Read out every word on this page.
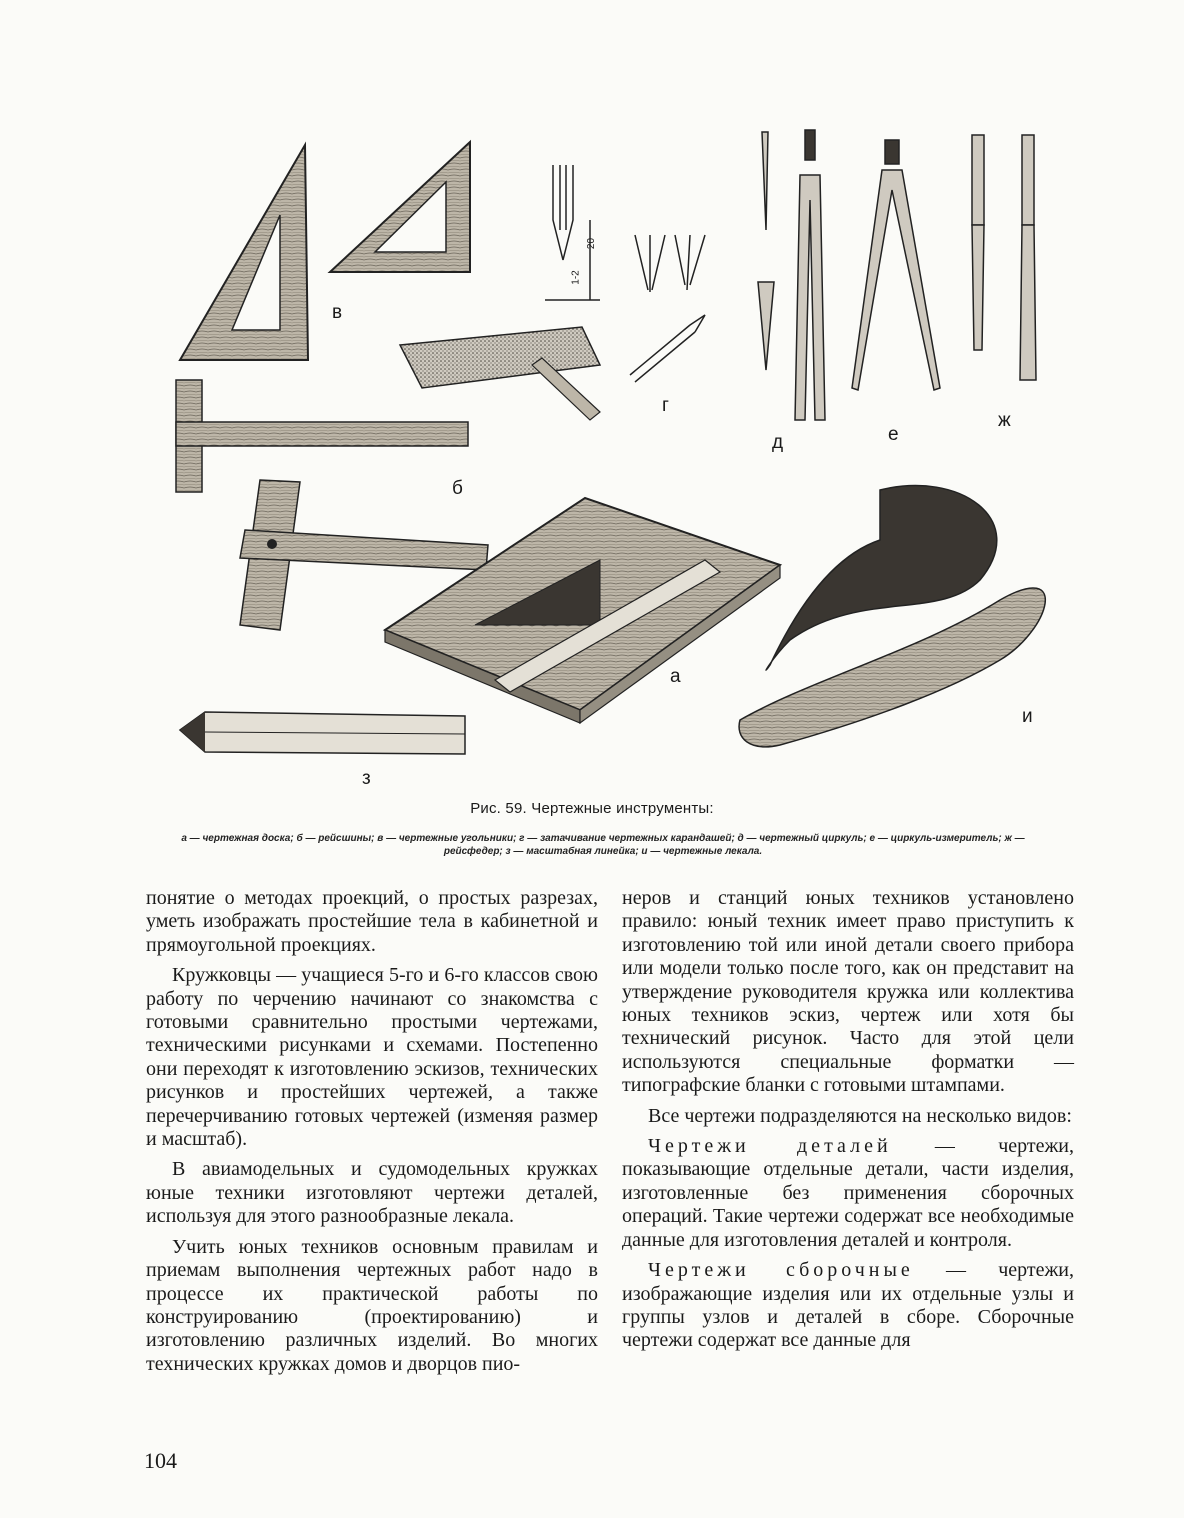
в
б
а
г
д	е
ж
з
и
1-2
20
Рис. 59. Чертежные инструменты:
а — чертежная доска; б — рейсшины; в — чертежные угольники; г — затачивание чертежных карандашей; д — чертежный циркуль; е — циркуль-измеритель; ж — рейсфедер; з — масштабная линейка; и — чертежные лекала.

понятие о методах проекций, о простых разрезах, уметь изображать простейшие тела в кабинетной и прямоугольной проекциях.

Кружковцы — учащиеся 5-го и 6-го классов свою работу по черчению начинают со знакомства с готовыми сравнительно простыми чертежами, техническими рисунками и схемами. Постепенно они переходят к изготовлению эскизов, технических рисунков и простейших чертежей, а также перечерчиванию готовых чертежей (изменяя размер и масштаб).

В авиамодельных и судомодельных кружках юные техники изготовляют чертежи деталей, используя для этого разнообразные лекала.

Учить юных техников основным правилам и приемам выполнения чертежных работ надо в процессе их практической работы по конструированию (проектированию) и изготовлению различных изделий. Во многих технических кружках домов и дворцов пио-

неров и станций юных техников установлено правило: юный техник имеет право приступить к изготовлению той или иной детали своего прибора или модели только после того, как он представит на утверждение руководителя кружка или коллектива юных техников эскиз, чертеж или хотя бы технический рисунок. Часто для этой цели используются специальные форматки — типографские бланки с готовыми штампами.

Все чертежи подразделяются на несколько видов:

Чертежи деталей — чертежи, показывающие отдельные детали, части изделия, изготовленные без применения сборочных операций. Такие чертежи содержат все необходимые данные для изготовления деталей и контроля.

Чертежи сборочные — чертежи, изображающие изделия или их отдельные узлы и группы узлов и деталей в сборе. Сборочные чертежи содержат все данные для

104
